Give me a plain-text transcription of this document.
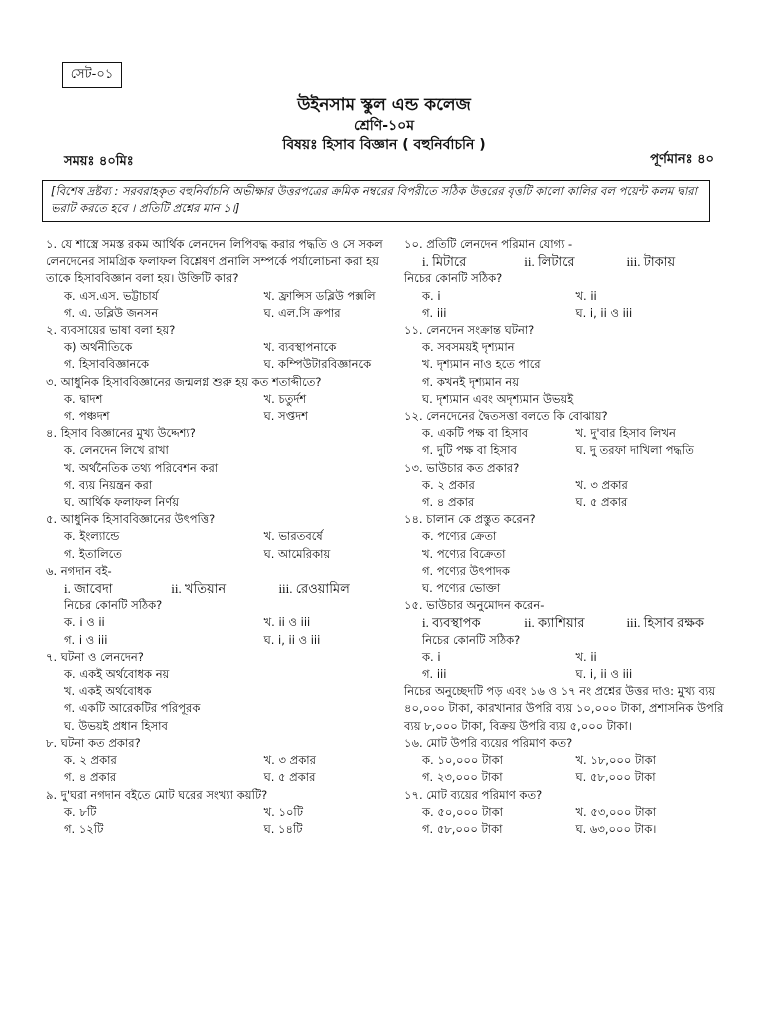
সেট-০১
উইনসাম স্কুল এন্ড কলেজ
শ্রেণি-১০ম
বিষয়ঃ হিসাব বিজ্ঞান ( বহুনির্বাচনি )
সময়ঃ ৪০মিঃ	পূর্ণমানঃ ৪০
[বিশেষ দ্রষ্টব্য : সরবরাহকৃত বহুনির্বাচনি অভীক্ষার উত্তরপত্রের ক্রমিক নম্বরের বিপরীতে সঠিক উত্তরের বৃত্তটি কালো কালির বল পয়েন্ট কলম দ্বারা ভরাট করতে হবে । প্রতিটি প্রশ্নের মান ১।]
১. যে শাস্ত্রে সমস্ত রকম আর্থিক লেনদেন লিপিবদ্ধ করার পদ্ধতি ও সে সকল লেনদেনের সামগ্রিক ফলাফল বিশ্লেষণ প্রনালি সম্পর্কে পর্যালোচনা করা হয় তাকে হিসাববিজ্ঞান বলা হয়। উক্তিটি কার?
ক. এস.এস. ভট্টাচার্য	খ. ফ্রান্সিস ডব্লিউ পক্সলি
গ. এ. ডব্লিউ জনসন	ঘ. এল.সি ক্রপার
২. ব্যবসায়ের ভাষা বলা হয়?
ক) অর্থনীতিকে	খ. ব্যবস্থাপনাকে
গ. হিসাববিজ্ঞানকে	ঘ. কম্পিউটারবিজ্ঞানকে
৩. আধুনিক হিসাববিজ্ঞানের জন্মলগ্ন শুরু হয় কত শতাব্দীতে?
ক. দ্বাদশ	খ. চতুর্দশ
গ. পঞ্চদশ	ঘ. সপ্তদশ
৪. হিসাব বিজ্ঞানের মুখ্য উদ্দেশ্য?
ক. লেনদেন লিখে রাখা
খ. অর্থনৈতিক তথ্য পরিবেশন করা
গ. ব্যয় নিয়ন্ত্রন করা
ঘ. আর্থিক ফলাফল নির্ণয়
৫. আধুনিক হিসাববিজ্ঞানের উৎপত্তি?
ক. ইংল্যান্ডে	খ. ভারতবর্ষে
গ. ইতালিতে	ঘ. আমেরিকায়
৬. নগদান বই-
i. জাবেদা	ii. খতিয়ান	iii. রেওয়ামিল
নিচের কোনটি সঠিক?
ক. i ও ii	খ. ii ও iii
গ. i ও iii	ঘ. i, ii ও iii
৭. ঘটনা ও লেনদেন?
ক. একই অর্থবোধক নয়
খ. একই অর্থবোধক
গ. একটি আরেকটির পরিপূরক
ঘ. উভয়ই প্রধান হিসাব
৮. ঘটনা কত প্রকার?
ক. ২ প্রকার	খ. ৩ প্রকার
গ. ৪ প্রকার	ঘ. ৫ প্রকার
৯. দু'ঘরা নগদান বইতে মোট ঘরের সংখ্যা কয়টি?
ক. ৮টি	খ. ১০টি
গ. ১২টি	ঘ. ১৪টি
১০. প্রতিটি লেনদেন পরিমান যোগ্য -
i. মিটারে	ii. লিটারে	iii. টাকায়
নিচের কোনটি সঠিক?
ক. i	খ. ii
গ. iii	ঘ. i, ii ও iii
১১. লেনদেন সংক্রান্ত ঘটনা?
ক. সবসময়ই দৃশ্যমান
খ. দৃশ্যমান নাও হতে পারে
গ. কখনই দৃশ্যমান নয়
ঘ. দৃশ্যমান এবং অদৃশ্যমান উভয়ই
১২. লেনদেনের দ্বৈতসত্তা বলতে কি বোঝায়?
ক. একটি পক্ষ বা হিসাব	খ. দু'বার হিসাব লিখন
গ. দুটি পক্ষ বা হিসাব	ঘ. দু তরফা দাখিলা পদ্ধতি
১৩. ভাউচার কত প্রকার?
ক. ২ প্রকার	খ. ৩ প্রকার
গ. ৪ প্রকার	ঘ. ৫ প্রকার
১৪. চালান কে প্রস্তুত করেন?
ক. পণ্যের ক্রেতা
খ. পণ্যের বিক্রেতা
গ. পণ্যের উৎপাদক
ঘ. পণ্যের ভোক্তা
১৫. ভাউচার অনুমোদন করেন-
i. ব্যবস্থাপক	ii. ক্যাশিয়ার	iii. হিসাব রক্ষক
নিচের কোনটি সঠিক?
ক. i	খ. ii
গ. iii	ঘ. i, ii ও iii
নিচের অনুচ্ছেদটি পড় এবং ১৬ ও ১৭ নং প্রশ্নের উত্তর দাও: মুখ্য ব্যয় ৪০,০০০ টাকা, কারখানার উপরি ব্যয় ১০,০০০ টাকা, প্রশাসনিক উপরি ব্যয় ৮,০০০ টাকা, বিক্রয় উপরি ব্যয় ৫,০০০ টাকা।
১৬. মোট উপরি ব্যয়ের পরিমাণ কত?
ক. ১০,০০০ টাকা	খ. ১৮,০০০ টাকা
গ. ২৩,০০০ টাকা	ঘ. ৫৮,০০০ টাকা
১৭. মোট ব্যয়ের পরিমাণ কত?
ক. ৫০,০০০ টাকা	খ. ৫৩,০০০ টাকা
গ. ৫৮,০০০ টাকা	ঘ. ৬৩,০০০ টাক।
